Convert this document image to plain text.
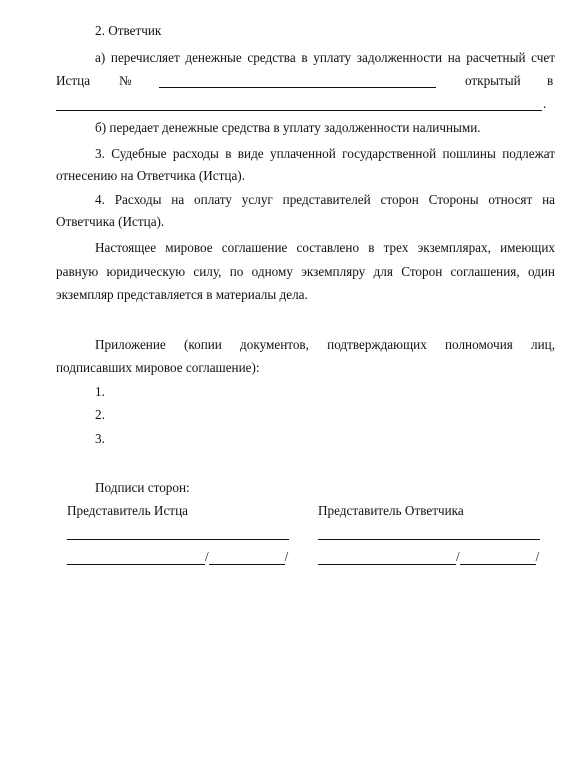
2. Ответчик
а) перечисляет денежные средства в уплату задолженности на расчетный счет
Истца №	открытый в
.
б) передает денежные средства в уплату задолженности наличными.
3. Судебные расходы в виде уплаченной государственной пошлины подлежат
отнесению на Ответчика (Истца).
4. Расходы на оплату услуг представителей сторон Стороны относят на
Ответчика (Истца).
Настоящее мировое соглашение составлено в трех экземплярах, имеющих
равную юридическую силу, по одному экземпляру для Сторон соглашения, один
экземпляр представляется в материалы дела.
Приложение (копии документов, подтверждающих полномочия лиц,
подписавших мировое соглашение):
1.
2.
3.
Подписи сторон:
Представитель Истца	Представитель Ответчика
/	/	/	/
